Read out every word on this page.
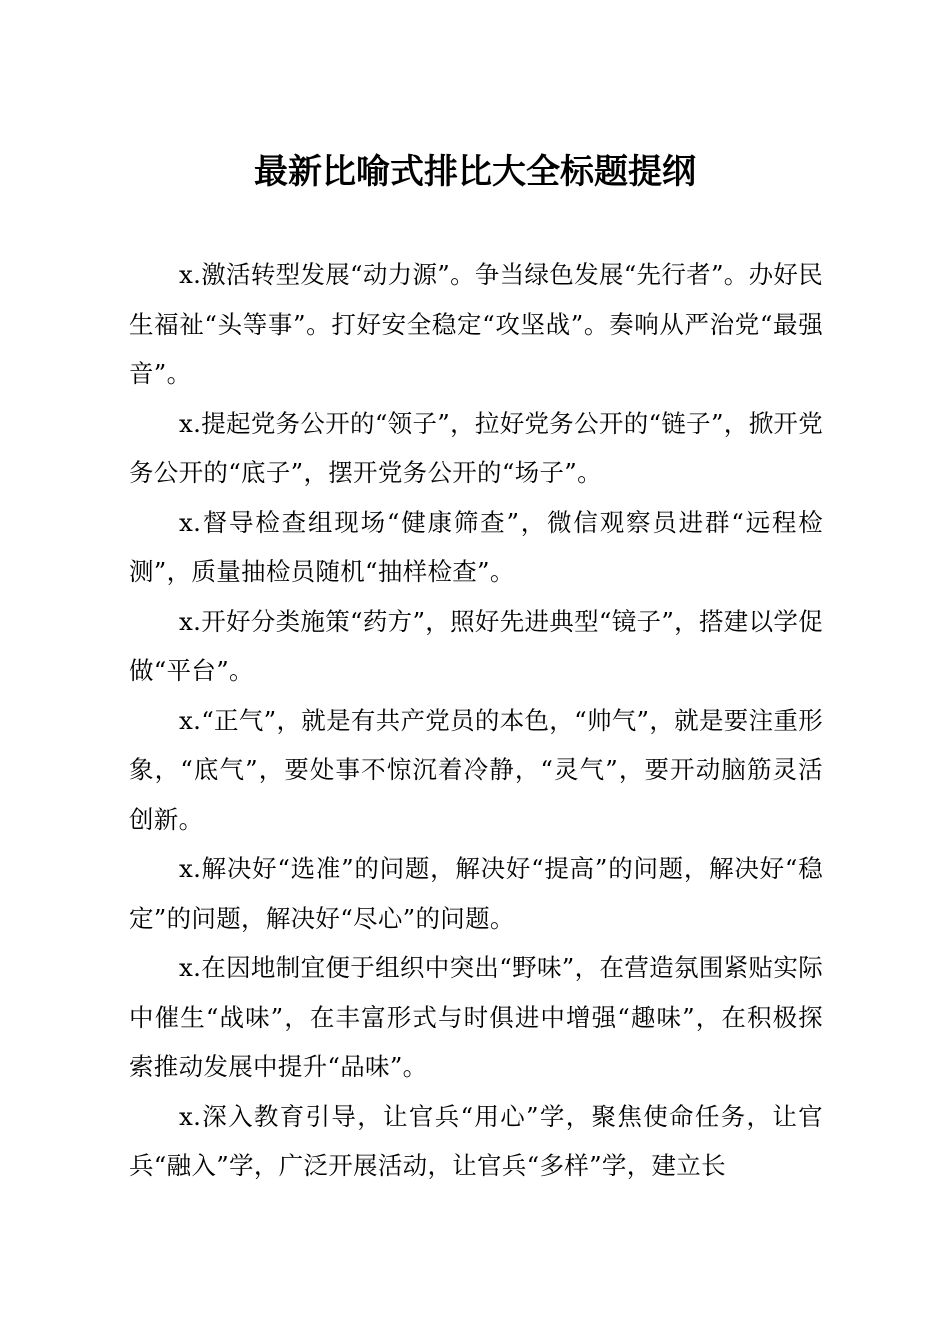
最新比喻式排比大全标题提纲

x.激活转型发展“动力源”。争当绿色发展“先行者”。办好民生福祉“头等事”。打好安全稳定“攻坚战”。奏响从严治党“最强音”。

x.提起党务公开的“领子”，拉好党务公开的“链子”，掀开党务公开的“底子”，摆开党务公开的“场子”。

x.督导检查组现场“健康筛查”，微信观察员进群“远程检测”，质量抽检员随机“抽样检查”。

x.开好分类施策“药方”，照好先进典型“镜子”，搭建以学促做“平台”。

x.“正气”，就是有共产党员的本色，“帅气”，就是要注重形象，“底气”，要处事不惊沉着冷静，“灵气”，要开动脑筋灵活创新。

x.解决好“选准”的问题，解决好“提高”的问题，解决好“稳定”的问题，解决好“尽心”的问题。

x.在因地制宜便于组织中突出“野味”，在营造氛围紧贴实际中催生“战味”，在丰富形式与时俱进中增强“趣味”，在积极探索推动发展中提升“品味”。

x.深入教育引导，让官兵“用心”学，聚焦使命任务，让官兵“融入”学，广泛开展活动，让官兵“多样”学，建立长
